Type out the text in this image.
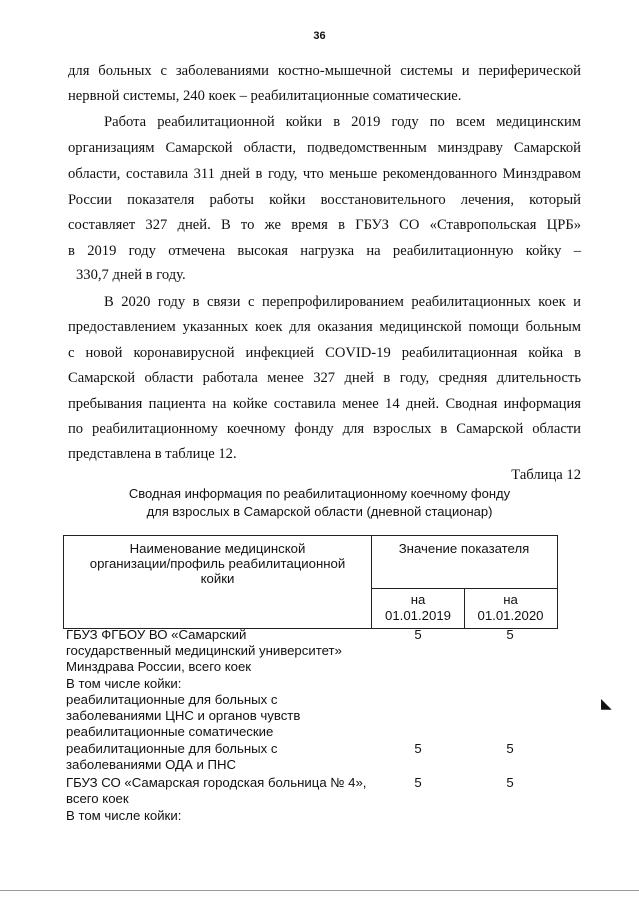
36
для больных с заболеваниями костно-мышечной системы и периферической
нервной системы, 240 коек – реабилитационные соматические.
Работа реабилитационной койки в 2019 году по всем медицинским
организациям Самарской области, подведомственным минздраву Самарской
области, составила 311 дней в году, что меньше рекомендованного Минздравом
России показателя работы койки восстановительного лечения, который
составляет 327 дней. В то же время в ГБУЗ СО «Ставропольская ЦРБ»
в 2019 году отмечена высокая нагрузка на реабилитационную койку –
330,7 дней в году.
В 2020 году в связи с перепрофилированием реабилитационных коек и
предоставлением указанных коек для оказания медицинской помощи больным
с новой коронавирусной инфекцией COVID-19 реабилитационная койка в
Самарской области работала менее 327 дней в году, средняя длительность
пребывания пациента на койке составила менее 14 дней. Сводная информация
по реабилитационному коечному фонду для взрослых в Самарской области
представлена в таблице 12.
Таблица 12
Сводная информация по реабилитационному коечному фонду
для взрослых в Самарской области (дневной стационар)
Наименование медицинской
организации/профиль реабилитационной
койки
Значение показателя
на
01.01.2019
на
01.01.2020
ГБУЗ ФГБОУ ВО «Самарский
государственный медицинский университет»
Минздрава России, всего коек
5	5
В том числе койки:
реабилитационные для больных с
заболеваниями ЦНС и органов чувств
реабилитационные соматические
реабилитационные для больных с
заболеваниями ОДА и ПНС
5	5
ГБУЗ СО «Самарская городская больница № 4»,
всего коек
5	5
В том числе койки:
◣
